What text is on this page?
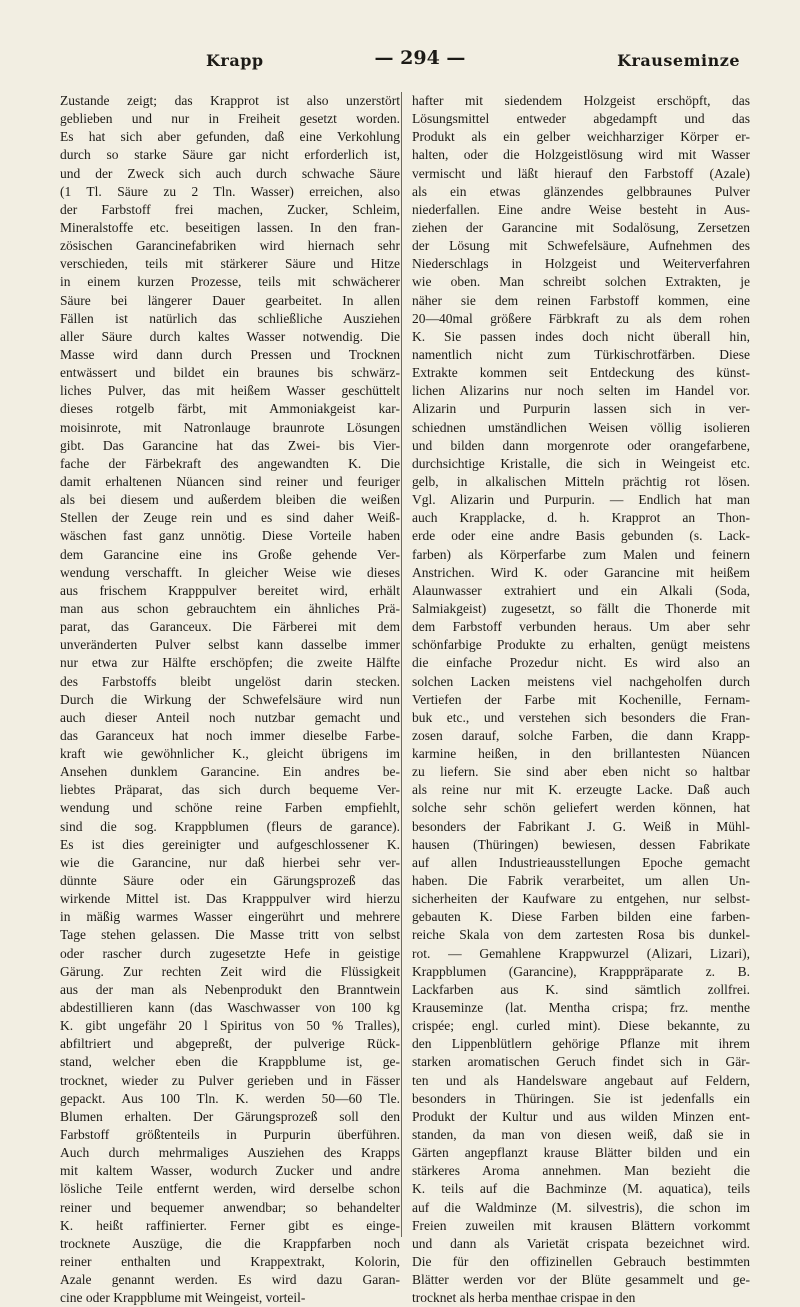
Krapp	— 294 —	Krauseminze
Zustande zeigt; das Krapprot ist also unzerstört
geblieben und nur in Freiheit gesetzt worden.
Es hat sich aber gefunden, daß eine Verkohlung
durch so starke Säure gar nicht erforderlich ist,
und der Zweck sich auch durch schwache Säure
(1 Tl. Säure zu 2 Tln. Wasser) erreichen, also
der Farbstoff frei machen, Zucker, Schleim,
Mineralstoffe etc. beseitigen lassen. In den fran-
zösischen Garancinefabriken wird hiernach sehr
verschieden, teils mit stärkerer Säure und Hitze
in einem kurzen Prozesse, teils mit schwächerer
Säure bei längerer Dauer gearbeitet. In allen
Fällen ist natürlich das schließliche Ausziehen
aller Säure durch kaltes Wasser notwendig. Die
Masse wird dann durch Pressen und Trocknen
entwässert und bildet ein braunes bis schwärz-
liches Pulver, das mit heißem Wasser geschüttelt
dieses rotgelb färbt, mit Ammoniakgeist kar-
moisinrote, mit Natronlauge braunrote Lösungen
gibt. Das Garancine hat das Zwei- bis Vier-
fache der Färbekraft des angewandten K. Die
damit erhaltenen Nüancen sind reiner und feuriger
als bei diesem und außerdem bleiben die weißen
Stellen der Zeuge rein und es sind daher Weiß-
wäschen fast ganz unnötig. Diese Vorteile haben
dem Garancine eine ins Große gehende Ver-
wendung verschafft. In gleicher Weise wie dieses
aus frischem Krapppulver bereitet wird, erhält
man aus schon gebrauchtem ein ähnliches Prä-
parat, das Garanceux. Die Färberei mit dem
unveränderten Pulver selbst kann dasselbe immer
nur etwa zur Hälfte erschöpfen; die zweite Hälfte
des Farbstoffs bleibt ungelöst darin stecken.
Durch die Wirkung der Schwefelsäure wird nun
auch dieser Anteil noch nutzbar gemacht und
das Garanceux hat noch immer dieselbe Farbe-
kraft wie gewöhnlicher K., gleicht übrigens im
Ansehen dunklem Garancine. Ein andres be-
liebtes Präparat, das sich durch bequeme Ver-
wendung und schöne reine Farben empfiehlt,
sind die sog. Krappblumen (fleurs de garance).
Es ist dies gereinigter und aufgeschlossener K.
wie die Garancine, nur daß hierbei sehr ver-
dünnte Säure oder ein Gärungsprozeß das
wirkende Mittel ist. Das Krapppulver wird hierzu
in mäßig warmes Wasser eingerührt und mehrere
Tage stehen gelassen. Die Masse tritt von selbst
oder rascher durch zugesetzte Hefe in geistige
Gärung. Zur rechten Zeit wird die Flüssigkeit
aus der man als Nebenprodukt den Branntwein
abdestillieren kann (das Waschwasser von 100 kg
K. gibt ungefähr 20 l Spiritus von 50 % Tralles),
abfiltriert und abgepreßt, der pulverige Rück-
stand, welcher eben die Krappblume ist, ge-
trocknet, wieder zu Pulver gerieben und in Fässer
gepackt. Aus 100 Tln. K. werden 50—60 Tle.
Blumen erhalten. Der Gärungsprozeß soll den
Farbstoff größtenteils in Purpurin überführen.
Auch durch mehrmaliges Ausziehen des Krapps
mit kaltem Wasser, wodurch Zucker und andre
lösliche Teile entfernt werden, wird derselbe schon
reiner und bequemer anwendbar; so behandelter
K. heißt raffinierter. Ferner gibt es einge-
trocknete Auszüge, die die Krappfarben noch
reiner enthalten und Krappextrakt, Kolorin,
Azale genannt werden. Es wird dazu Garan-
cine oder Krappblume mit Weingeist, vorteil-
hafter mit siedendem Holzgeist erschöpft, das
Lösungsmittel entweder abgedampft und das
Produkt als ein gelber weichharziger Körper er-
halten, oder die Holzgeistlösung wird mit Wasser
vermischt und läßt hierauf den Farbstoff (Azale)
als ein etwas glänzendes gelbbraunes Pulver
niederfallen. Eine andre Weise besteht in Aus-
ziehen der Garancine mit Sodalösung, Zersetzen
der Lösung mit Schwefelsäure, Aufnehmen des
Niederschlags in Holzgeist und Weiterverfahren
wie oben. Man schreibt solchen Extrakten, je
näher sie dem reinen Farbstoff kommen, eine
20—40mal größere Färbkraft zu als dem rohen
K. Sie passen indes doch nicht überall hin,
namentlich nicht zum Türkischrotfärben. Diese
Extrakte kommen seit Entdeckung des künst-
lichen Alizarins nur noch selten im Handel vor.
Alizarin und Purpurin lassen sich in ver-
schiednen umständlichen Weisen völlig isolieren
und bilden dann morgenrote oder orangefarbene,
durchsichtige Kristalle, die sich in Weingeist etc.
gelb, in alkalischen Mitteln prächtig rot lösen.
Vgl. Alizarin und Purpurin. — Endlich hat man
auch Krapplacke, d. h. Krapprot an Thon-
erde oder eine andre Basis gebunden (s. Lack-
farben) als Körperfarbe zum Malen und feinern
Anstrichen. Wird K. oder Garancine mit heißem
Alaunwasser extrahiert und ein Alkali (Soda,
Salmiakgeist) zugesetzt, so fällt die Thonerde mit
dem Farbstoff verbunden heraus. Um aber sehr
schönfarbige Produkte zu erhalten, genügt meistens
die einfache Prozedur nicht. Es wird also an
solchen Lacken meistens viel nachgeholfen durch
Vertiefen der Farbe mit Kochenille, Fernam-
buk etc., und verstehen sich besonders die Fran-
zosen darauf, solche Farben, die dann Krapp-
karmine heißen, in den brillantesten Nüancen
zu liefern. Sie sind aber eben nicht so haltbar
als reine nur mit K. erzeugte Lacke. Daß auch
solche sehr schön geliefert werden können, hat
besonders der Fabrikant J. G. Weiß in Mühl-
hausen (Thüringen) bewiesen, dessen Fabrikate
auf allen Industrieausstellungen Epoche gemacht
haben. Die Fabrik verarbeitet, um allen Un-
sicherheiten der Kaufware zu entgehen, nur selbst-
gebauten K. Diese Farben bilden eine farben-
reiche Skala von dem zartesten Rosa bis dunkel-
rot. — Gemahlene Krappwurzel (Alizari, Lizari),
Krappblumen (Garancine), Krapppräparate z. B.
Lackfarben aus K. sind sämtlich zollfrei.
Krauseminze (lat. Mentha crispa; frz. menthe
crispée; engl. curled mint). Diese bekannte, zu
den Lippenblütlern gehörige Pflanze mit ihrem
starken aromatischen Geruch findet sich in Gär-
ten und als Handelsware angebaut auf Feldern,
besonders in Thüringen. Sie ist jedenfalls ein
Produkt der Kultur und aus wilden Minzen ent-
standen, da man von diesen weiß, daß sie in
Gärten angepflanzt krause Blätter bilden und ein
stärkeres Aroma annehmen. Man bezieht die
K. teils auf die Bachminze (M. aquatica), teils
auf die Waldminze (M. silvestris), die schon im
Freien zuweilen mit krausen Blättern vorkommt
und dann als Varietät crispata bezeichnet wird.
Die für den offizinellen Gebrauch bestimmten
Blätter werden vor der Blüte gesammelt und ge-
trocknet als herba menthae crispae in den
